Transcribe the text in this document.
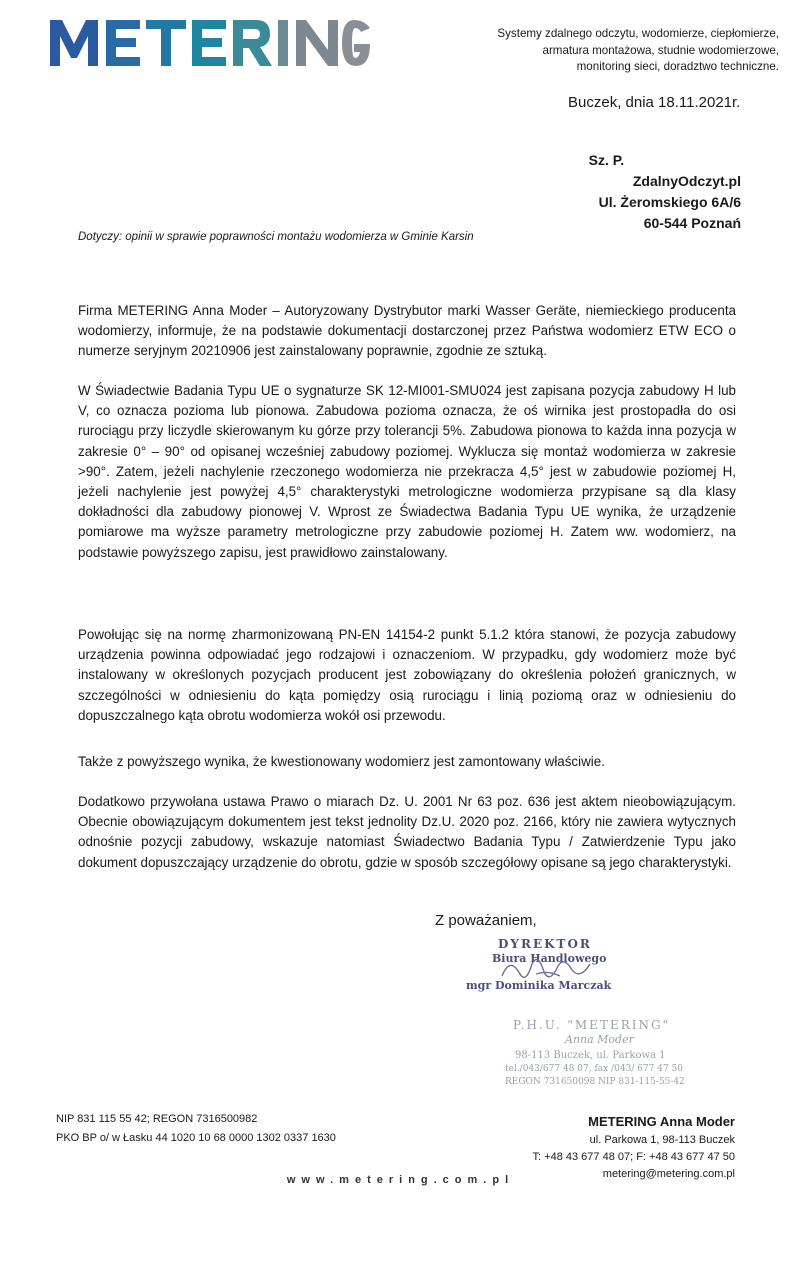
Systemy zdalnego odczytu, wodomierze, ciepłomierze,
armatura montażowa, studnie wodomierzowe,
monitoring sieci, doradztwo techniczne.
Buczek, dnia 18.11.2021r.
Sz. P.
ZdalnyOdczyt.pl
Ul. Żeromskiego 6A/6
60-544 Poznań
Dotyczy: opinii w sprawie poprawności montażu wodomierza w Gminie Karsin

Firma METERING Anna Moder – Autoryzowany Dystrybutor marki Wasser Geräte, niemieckiego producenta wodomierzy, informuje, że na podstawie dokumentacji dostarczonej przez Państwa wodomierz ETW ECO o numerze seryjnym 20210906 jest zainstalowany poprawnie, zgodnie ze sztuką.

W Świadectwie Badania Typu UE o sygnaturze SK 12-MI001-SMU024 jest zapisana pozycja zabudowy H lub V, co oznacza pozioma lub pionowa. Zabudowa pozioma oznacza, że oś wirnika jest prostopadła do osi rurociągu przy liczydle skierowanym ku górze przy tolerancji 5%. Zabudowa pionowa to każda inna pozycja w zakresie 0° – 90° od opisanej wcześniej zabudowy poziomej. Wyklucza się montaż wodomierza w zakresie >90°. Zatem, jeżeli nachylenie rzeczonego wodomierza nie przekracza 4,5° jest w zabudowie poziomej H, jeżeli nachylenie jest powyżej 4,5° charakterystyki metrologiczne wodomierza przypisane są dla klasy dokładności dla zabudowy pionowej V. Wprost ze Świadectwa Badania Typu UE wynika, że urządzenie pomiarowe ma wyższe parametry metrologiczne przy zabudowie poziomej H. Zatem ww. wodomierz, na podstawie powyższego zapisu, jest prawidłowo zainstalowany.

Powołując się na normę zharmonizowaną PN-EN 14154-2 punkt 5.1.2 która stanowi, że pozycja zabudowy urządzenia powinna odpowiadać jego rodzajowi i oznaczeniom. W przypadku, gdy wodomierz może być instalowany w określonych pozycjach producent jest zobowiązany do określenia położeń granicznych, w szczególności w odniesieniu do kąta pomiędzy osią rurociągu i linią poziomą oraz w odniesieniu do dopuszczalnego kąta obrotu wodomierza wokół osi przewodu.

Także z powyższego wynika, że kwestionowany wodomierz jest zamontowany właściwie.

Dodatkowo przywołana ustawa Prawo o miarach Dz. U. 2001 Nr 63 poz. 636 jest aktem nieobowiązującym. Obecnie obowiązującym dokumentem jest tekst jednolity Dz.U. 2020 poz. 2166, który nie zawiera wytycznych odnośnie pozycji zabudowy, wskazuje natomiast Świadectwo Badania Typu / Zatwierdzenie Typu jako dokument dopuszczający urządzenie do obrotu, gdzie w sposób szczegółowy opisane są jego charakterystyki.

Z poważaniem,
DYREKTOR
Biura Handlowego
mgr Dominika Marczak
P.H.U. "METERING"
Anna Moder
98-113 Buczek, ul. Parkowa 1
tel./043/677 48 07, fax /043/ 677 47 50
REGON 731650098 NIP 831-115-55-42
NIP 831 115 55 42; REGON 7316500982
PKO BP o/ w Łasku 44 1020 10 68 0000 1302 0337 1630
METERING Anna Moder
ul. Parkowa 1, 98-113 Buczek
T: +48 43 677 48 07; F: +48 43 677 47 50
metering@metering.com.pl
www.metering.com.pl
